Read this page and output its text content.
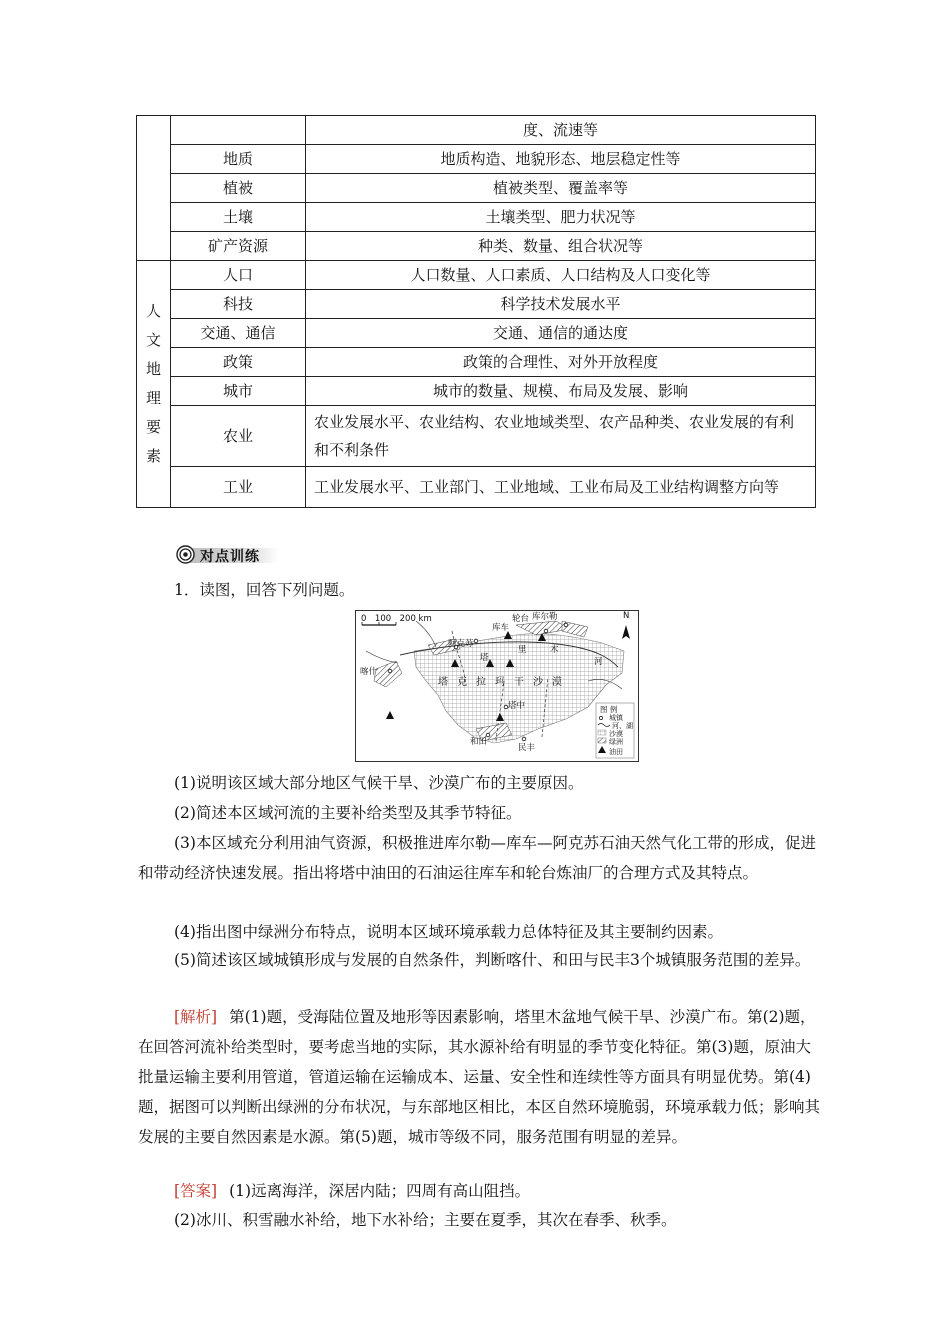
		度、流速等
	地质	地质构造、地貌形态、地层稳定性等
	植被	植被类型、覆盖率等
	土壤	土壤类型、肥力状况等
	矿产资源	种类、数量、组合状况等
人文地理要素	人口	人口数量、人口素质、人口结构及人口变化等
	科技	科学技术发展水平
	交通、通信	交通、通信的通达度
	政策	政策的合理性、对外开放程度
	城市	城市的数量、规模、布局及发展、影响
	农业	农业发展水平、农业结构、农业地域类型、农产品种类、农业发展的有利和不利条件
	工业	工业发展水平、工业部门、工业地域、工业布局及工业结构调整方向等
对点训练
1．读图，回答下列问题。
0　100　200 km	N
轮台 库尔勒
库车
阿克苏
喀什
塔
里	木
河
塔克拉玛干沙漠
塔中
和田
民丰
图 例
城镇
河、湖
沙漠
绿洲
油田
(1)说明该区域大部分地区气候干旱、沙漠广布的主要原因。
(2)简述本区域河流的主要补给类型及其季节特征。
(3)本区域充分利用油气资源，积极推进库尔勒—库车—阿克苏石油天然气化工带的形成，促进和带动经济快速发展。指出将塔中油田的石油运往库车和轮台炼油厂的合理方式及其特点。
(4)指出图中绿洲分布特点，说明本区域环境承载力总体特征及其主要制约因素。
(5)简述该区域城镇形成与发展的自然条件，判断喀什、和田与民丰3个城镇服务范围的差异。
[解析] 第(1)题，受海陆位置及地形等因素影响，塔里木盆地气候干旱、沙漠广布。第(2)题，在回答河流补给类型时，要考虑当地的实际，其水源补给有明显的季节变化特征。第(3)题，原油大批量运输主要利用管道，管道运输在运输成本、运量、安全性和连续性等方面具有明显优势。第(4)题，据图可以判断出绿洲的分布状况，与东部地区相比，本区自然环境脆弱，环境承载力低；影响其发展的主要自然因素是水源。第(5)题，城市等级不同，服务范围有明显的差异。
[答案] (1)远离海洋，深居内陆；四周有高山阻挡。
(2)冰川、积雪融水补给，地下水补给；主要在夏季，其次在春季、秋季。
